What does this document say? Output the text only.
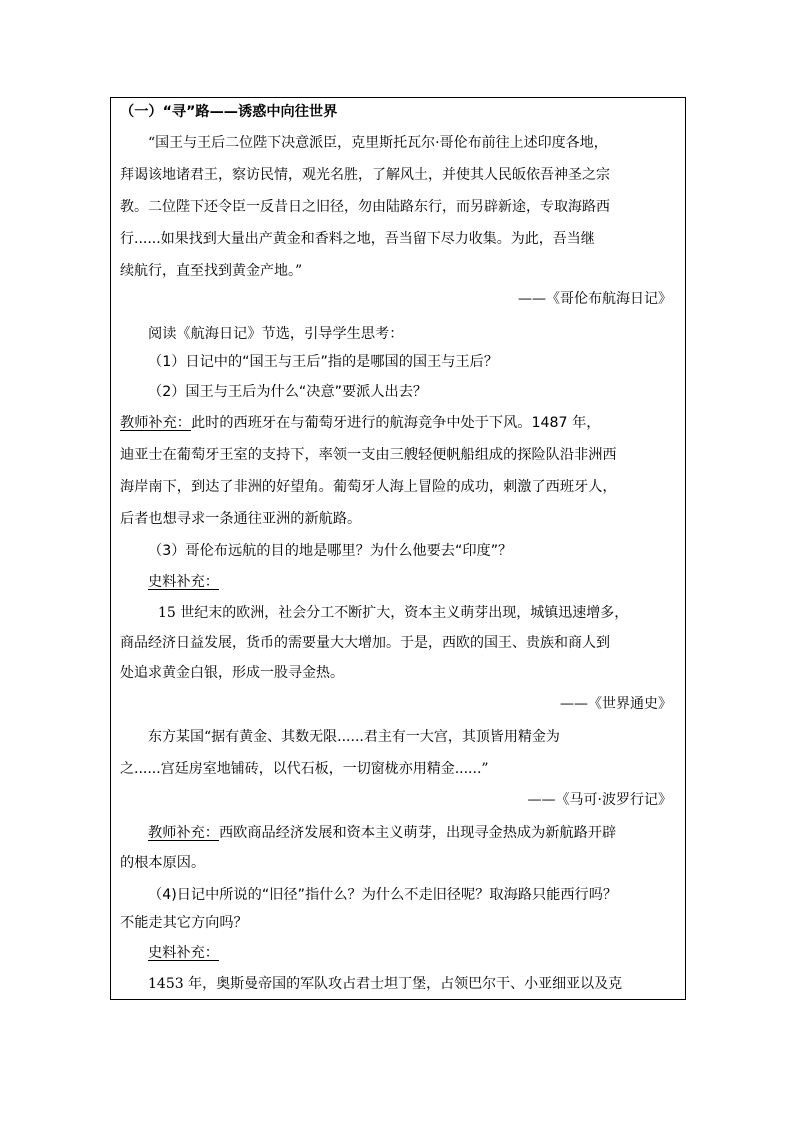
（一）“寻”路——诱惑中向往世界
“国王与王后二位陛下决意派臣，克里斯托瓦尔·哥伦布前往上述印度各地，
拜谒该地诸君王，察访民情，观光名胜，了解风土，并使其人民皈依吾神圣之宗
教。二位陛下还令臣一反昔日之旧径，勿由陆路东行，而另辟新途，专取海路西
行......如果找到大量出产黄金和香料之地，吾当留下尽力收集。为此，吾当继
续航行，直至找到黄金产地。”
——《哥伦布航海日记》
阅读《航海日记》节选，引导学生思考：
（1）日记中的“国王与王后”指的是哪国的国王与王后？
（2）国王与王后为什么“决意”要派人出去？
教师补充：此时的西班牙在与葡萄牙进行的航海竞争中处于下风。1487 年，
迪亚士在葡萄牙王室的支持下，率领一支由三艘轻便帆船组成的探险队沿非洲西
海岸南下，到达了非洲的好望角。葡萄牙人海上冒险的成功，刺激了西班牙人，
后者也想寻求一条通往亚洲的新航路。
（3）哥伦布远航的目的地是哪里？为什么他要去“印度”？
史料补充：
15 世纪末的欧洲，社会分工不断扩大，资本主义萌芽出现，城镇迅速增多，
商品经济日益发展，货币的需要量大大增加。于是，西欧的国王、贵族和商人到
处追求黄金白银，形成一股寻金热。
——《世界通史》
东方某国“据有黄金、其数无限......君主有一大宫，其顶皆用精金为
之......宫廷房室地铺砖，以代石板，一切窗栊亦用精金......”
——《马可·波罗行记》
教师补充：西欧商品经济发展和资本主义萌芽，出现寻金热成为新航路开辟
的根本原因。
（4)日记中所说的“旧径”指什么？为什么不走旧径呢？取海路只能西行吗？
不能走其它方向吗？
史料补充：
1453 年，奥斯曼帝国的军队攻占君士坦丁堡，占领巴尔干、小亚细亚以及克
